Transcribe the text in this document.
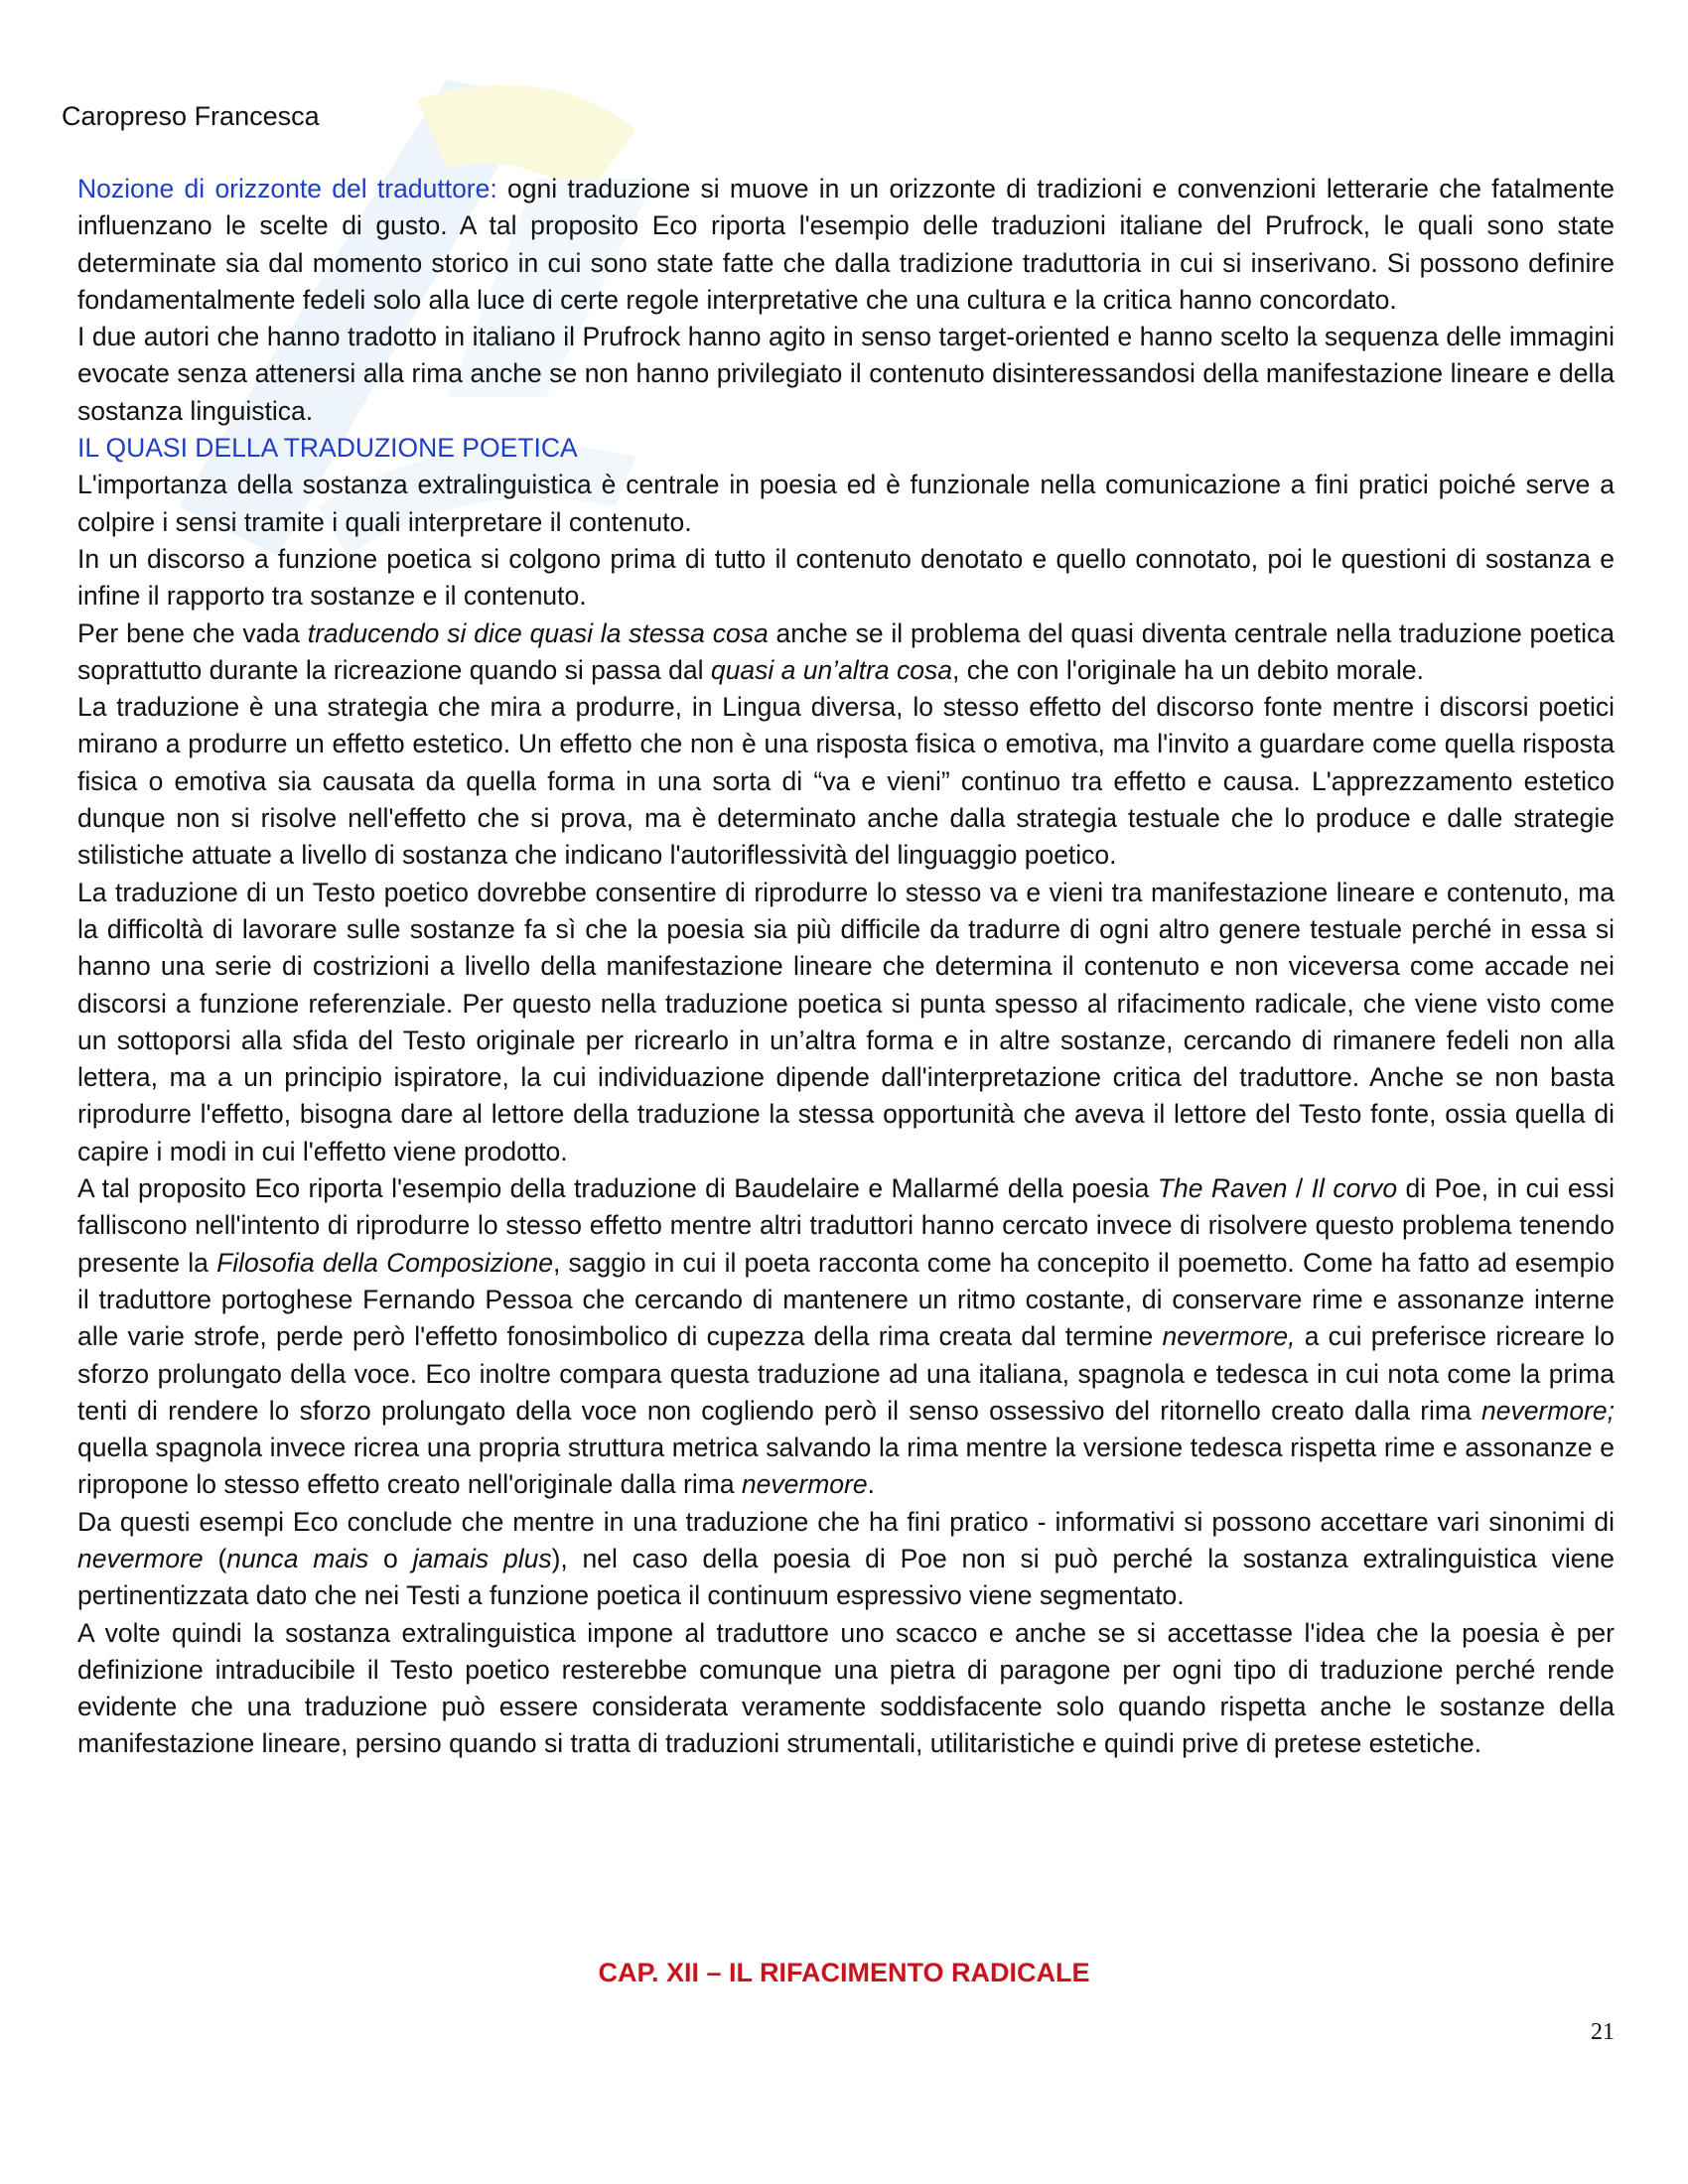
Caropreso Francesca

Nozione di orizzonte del traduttore: ogni traduzione si muove in un orizzonte di tradizioni e convenzioni letterarie che fatalmente influenzano le scelte di gusto. A tal proposito Eco riporta l'esempio delle traduzioni italiane del Prufrock, le quali sono state determinate sia dal momento storico in cui sono state fatte che dalla tradizione traduttoria in cui si inserivano. Si possono definire fondamentalmente fedeli solo alla luce di certe regole interpretative che una cultura e la critica hanno concordato.

I due autori che hanno tradotto in italiano il Prufrock hanno agito in senso target-oriented e hanno scelto la sequenza delle immagini evocate senza attenersi alla rima anche se non hanno privilegiato il contenuto disinteressandosi della manifestazione lineare e della sostanza linguistica.

IL QUASI DELLA TRADUZIONE POETICA

L'importanza della sostanza extralinguistica è centrale in poesia ed è funzionale nella comunicazione a fini pratici poiché serve a colpire i sensi tramite i quali interpretare il contenuto.

In un discorso a funzione poetica si colgono prima di tutto il contenuto denotato e quello connotato, poi le questioni di sostanza e infine il rapporto tra sostanze e il contenuto.

Per bene che vada traducendo si dice quasi la stessa cosa anche se il problema del quasi diventa centrale nella traduzione poetica soprattutto durante la ricreazione quando si passa dal quasi a un’altra cosa, che con l'originale ha un debito morale.

La traduzione è una strategia che mira a produrre, in Lingua diversa, lo stesso effetto del discorso fonte mentre i discorsi poetici mirano a produrre un effetto estetico. Un effetto che non è una risposta fisica o emotiva, ma l'invito a guardare come quella risposta fisica o emotiva sia causata da quella forma in una sorta di “va e vieni” continuo tra effetto e causa. L'apprezzamento estetico dunque non si risolve nell'effetto che si prova, ma è determinato anche dalla strategia testuale che lo produce e dalle strategie stilistiche attuate a livello di sostanza che indicano l'autoriflessività del linguaggio poetico.

La traduzione di un Testo poetico dovrebbe consentire di riprodurre lo stesso va e vieni tra manifestazione lineare e contenuto, ma la difficoltà di lavorare sulle sostanze fa sì che la poesia sia più difficile da tradurre di ogni altro genere testuale perché in essa si hanno una serie di costrizioni a livello della manifestazione lineare che determina il contenuto e non viceversa come accade nei discorsi a funzione referenziale. Per questo nella traduzione poetica si punta spesso al rifacimento radicale, che viene visto come un sottoporsi alla sfida del Testo originale per ricrearlo in un’altra forma e in altre sostanze, cercando di rimanere fedeli non alla lettera, ma a un principio ispiratore, la cui individuazione dipende dall'interpretazione critica del traduttore. Anche se non basta riprodurre l'effetto, bisogna dare al lettore della traduzione la stessa opportunità che aveva il lettore del Testo fonte, ossia quella di capire i modi in cui l'effetto viene prodotto.

A tal proposito Eco riporta l'esempio della traduzione di Baudelaire e Mallarmé della poesia The Raven / Il corvo di Poe, in cui essi falliscono nell'intento di riprodurre lo stesso effetto mentre altri traduttori hanno cercato invece di risolvere questo problema tenendo presente la Filosofia della Composizione, saggio in cui il poeta racconta come ha concepito il poemetto. Come ha fatto ad esempio il traduttore portoghese Fernando Pessoa che cercando di mantenere un ritmo costante, di conservare rime e assonanze interne alle varie strofe, perde però l'effetto fonosimbolico di cupezza della rima creata dal termine nevermore, a cui preferisce ricreare lo sforzo prolungato della voce. Eco inoltre compara questa traduzione ad una italiana, spagnola e tedesca in cui nota come la prima tenti di rendere lo sforzo prolungato della voce non cogliendo però il senso ossessivo del ritornello creato dalla rima nevermore; quella spagnola invece ricrea una propria struttura metrica salvando la rima mentre la versione tedesca rispetta rime e assonanze e ripropone lo stesso effetto creato nell'originale dalla rima nevermore.

Da questi esempi Eco conclude che mentre in una traduzione che ha fini pratico - informativi si possono accettare vari sinonimi di nevermore (nunca mais o jamais plus), nel caso della poesia di Poe non si può perché la sostanza extralinguistica viene pertinentizzata dato che nei Testi a funzione poetica il continuum espressivo viene segmentato.

A volte quindi la sostanza extralinguistica impone al traduttore uno scacco e anche se si accettasse l'idea che la poesia è per definizione intraducibile il Testo poetico resterebbe comunque una pietra di paragone per ogni tipo di traduzione perché rende evidente che una traduzione può essere considerata veramente soddisfacente solo quando rispetta anche le sostanze della manifestazione lineare, persino quando si tratta di traduzioni strumentali, utilitaristiche e quindi prive di pretese estetiche.

CAP. XII – IL RIFACIMENTO RADICALE
21
